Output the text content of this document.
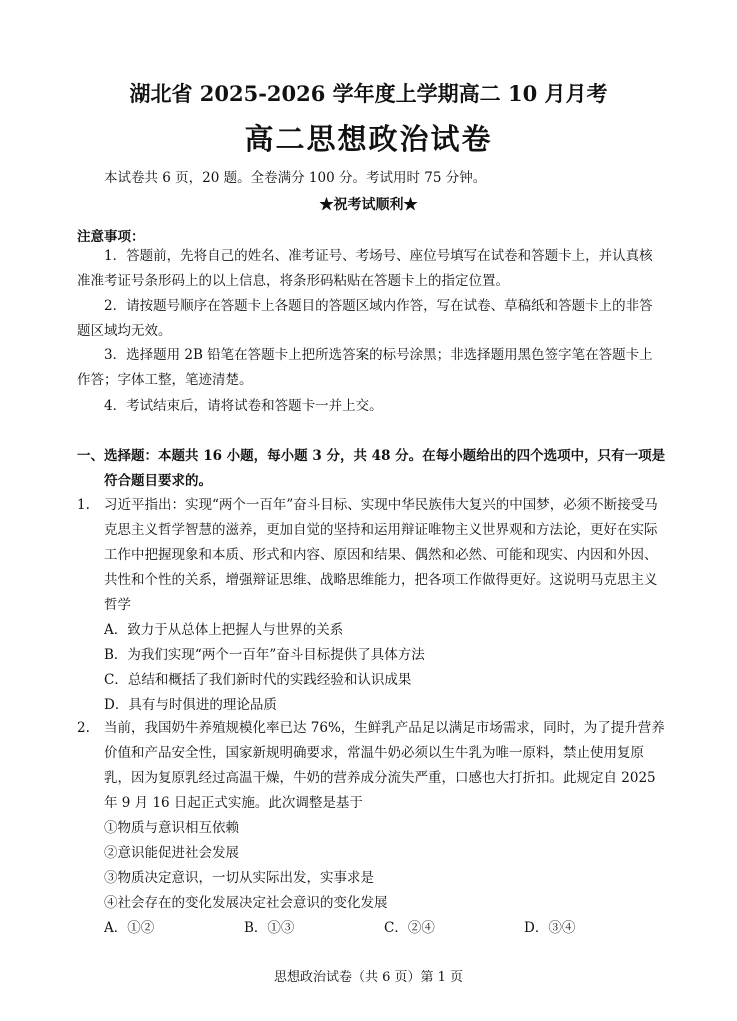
湖北省 2025-2026 学年度上学期高二 10 月月考
高二思想政治试卷
本试卷共 6 页，20 题。全卷满分 100 分。考试用时 75 分钟。
★祝考试顺利★
注意事项：
1．答题前，先将自己的姓名、准考证号、考场号、座位号填写在试卷和答题卡上，并认真核准准考证号条形码上的以上信息，将条形码粘贴在答题卡上的指定位置。
2．请按题号顺序在答题卡上各题目的答题区域内作答，写在试卷、草稿纸和答题卡上的非答题区域均无效。
3．选择题用 2B 铅笔在答题卡上把所选答案的标号涂黑；非选择题用黑色签字笔在答题卡上作答；字体工整，笔迹清楚。
4．考试结束后，请将试卷和答题卡一并上交。
一、 选择题：本题共 16 小题，每小题 3 分，共 48 分。在每小题给出的四个选项中，只有一项是符合题目要求的。
1. 习近平指出：实现“两个一百年”奋斗目标、实现中华民族伟大复兴的中国梦，必须不断接受马克思主义哲学智慧的滋养，更加自觉的坚持和运用辩证唯物主义世界观和方法论，更好在实际工作中把握现象和本质、形式和内容、原因和结果、偶然和必然、可能和现实、内因和外因、共性和个性的关系，增强辩证思维、战略思维能力，把各项工作做得更好。这说明马克思主义哲学
A．致力于从总体上把握人与世界的关系
B．为我们实现“两个一百年”奋斗目标提供了具体方法
C．总结和概括了我们新时代的实践经验和认识成果
D．具有与时俱进的理论品质
2. 当前，我国奶牛养殖规模化率已达 76%，生鲜乳产品足以满足市场需求，同时，为了提升营养价值和产品安全性，国家新规明确要求，常温牛奶必须以生牛乳为唯一原料，禁止使用复原乳，因为复原乳经过高温干燥，牛奶的营养成分流失严重，口感也大打折扣。此规定自 2025 年 9 月 16 日起正式实施。此次调整是基于
①物质与意识相互依赖
②意识能促进社会发展
③物质决定意识，一切从实际出发，实事求是
④社会存在的变化发展决定社会意识的变化发展
A．①②	B．①③	C．②④	D．③④
思想政治试卷（共 6 页）第 1 页
